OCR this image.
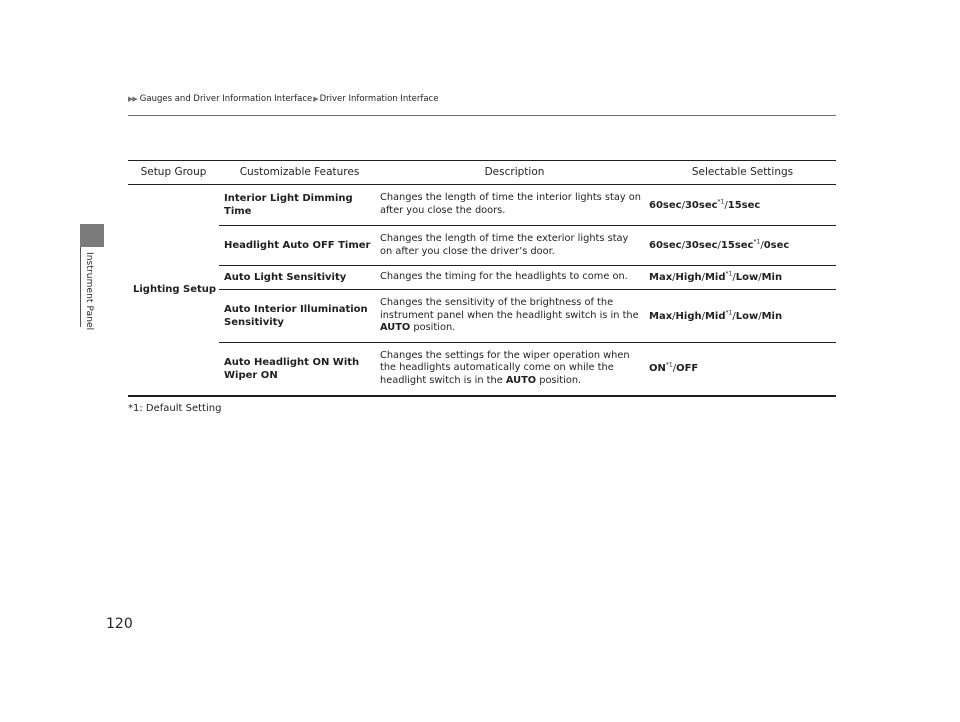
Instrument Panel
▶▶ Gauges and Driver Information Interface ▶ Driver Information Interface
Setup Group	Customizable Features	Description	Selectable Settings
Lighting Setup	Interior Light Dimming Time	Changes the length of time the interior lights stay on after you close the doors.	$60\sec/30\sec^{*1}/15\sec$
	Headlight Auto OFF Timer	Changes the length of time the exterior lights stay on after you close the driver’s door.	$60\sec/30\sec/15\sec^{*1}/0\sec$
	Auto Light Sensitivity	Changes the timing for the headlights to come on.	Max/High/Mid$^{*1}$/Low/Min
	Auto Interior Illumination Sensitivity	Changes the sensitivity of the brightness of the instrument panel when the headlight switch is in the AUTO position.	Max/High/Mid$^{*1}$/Low/Min
	Auto Headlight ON With Wiper ON	Changes the settings for the wiper operation when the headlights automatically come on while the headlight switch is in the AUTO position.	ON$^{*1}$/OFF
*1: Default Setting
120
